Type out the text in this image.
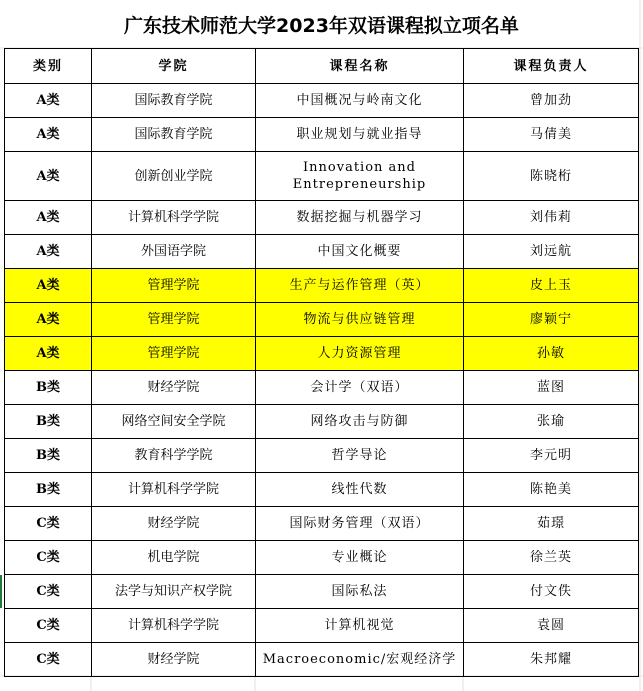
广东技术师范大学2023年双语课程拟立项名单
类别	学院	课程名称	课程负责人
A类	国际教育学院	中国概况与岭南文化	曾加劲
A类	国际教育学院	职业规划与就业指导	马倩美
A类	创新创业学院	Innovation and Entrepreneurship	陈晓桁
A类	计算机科学学院	数据挖掘与机器学习	刘伟莉
A类	外国语学院	中国文化概要	刘远航
A类	管理学院	生产与运作管理（英）	皮上玉
A类	管理学院	物流与供应链管理	廖颖宁
A类	管理学院	人力资源管理	孙敏
B类	财经学院	会计学（双语）	蓝图
B类	网络空间安全学院	网络攻击与防御	张瑜
B类	教育科学学院	哲学导论	李元明
B类	计算机科学学院	线性代数	陈艳美
C类	财经学院	国际财务管理（双语）	茹璟
C类	机电学院	专业概论	徐兰英
C类	法学与知识产权学院	国际私法	付文佚
C类	计算机科学学院	计算机视觉	袁圆
C类	财经学院	Macroeconomic/宏观经济学	朱邦耀
